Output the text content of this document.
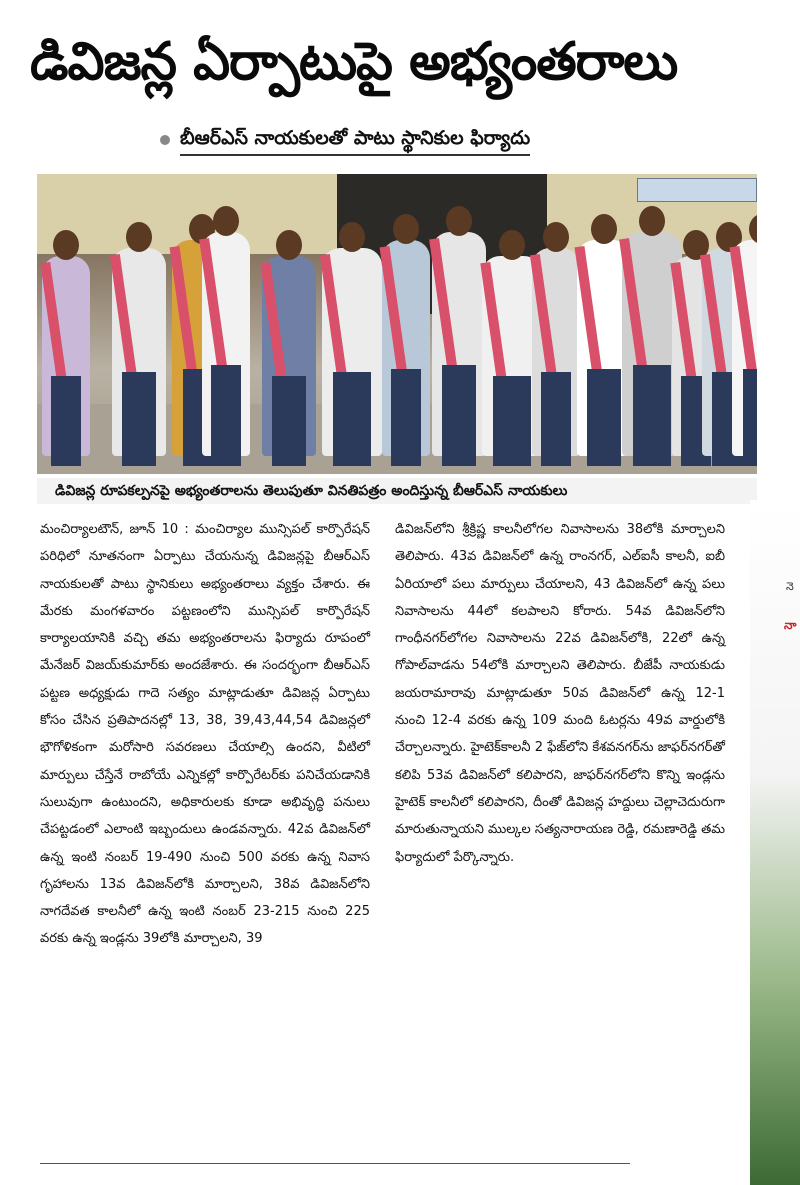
డివిజన్ల ఏర్పాటుపై అభ్యంతరాలు
బీఆర్ఎస్ నాయకులతో పాటు స్థానికుల ఫిర్యాదు
డివిజన్ల రూపకల్పనపై అభ్యంతరాలను తెలుపుతూ వినతిపత్రం అందిస్తున్న బీఆర్ఎస్ నాయకులు
మంచిర్యాలటౌన్‌, జూన్‌ 10 : మంచిర్యాల మున్సిపల్‌ కార్పొరేషన్‌ పరిధిలో నూతనంగా ఏర్పాటు చేయనున్న డివిజన్లపై బీఆర్‌ఎస్‌ నాయకులతో పాటు స్థానికులు అభ్యంతరాలు వ్యక్తం చేశారు. ఈ మేరకు మంగళవారం పట్టణంలోని మున్సిపల్‌ కార్పొరేషన్‌ కార్యాలయానికి వచ్చి తమ అభ్యంతరాలను ఫిర్యాదు రూపంలో మేనేజర్‌ విజయ్‌కుమార్‌కు అందజేశారు. ఈ సందర్భంగా బీఆర్‌ఎస్‌ పట్టణ అధ్యక్షుడు గాదె సత్యం మాట్లాడుతూ డివిజన్ల ఏర్పాటు కోసం చేసిన ప్రతిపాదనల్లో 13, 38, 39,43,44,54 డివిజన్లలో భౌగోళికంగా మరోసారి సవరణలు చేయాల్సి ఉందని, వీటిలో మార్పులు చేస్తేనే రాబోయే ఎన్నికల్లో కార్పొరేటర్‌కు పనిచేయడానికి సులువుగా ఉంటుందని, అధికారులకు కూడా అభివృద్ధి పనులు చేపట్టడంలో ఎలాంటి ఇబ్బందులు ఉండవన్నారు. 42వ డివిజన్‌లో ఉన్న ఇంటి నంబర్‌ 19-490 నుంచి 500 వరకు ఉన్న నివాస గృహాలను 13వ డివిజన్‌లోకి మార్చాలని, 38వ డివిజన్‌లోని నాగదేవత కాలనీలో ఉన్న ఇంటి నంబర్‌ 23-215 నుంచి 225 వరకు ఉన్న ఇండ్లను 39లోకి మార్చాలని, 39
డివిజన్‌లోని శ్రీక్రిష్ణ కాలనీలోగల నివాసాలను 38లోకి మార్చాలని తెలిపారు. 43వ డివిజన్‌లో ఉన్న రాంనగర్‌, ఎల్‌ఐసీ కాలనీ, ఐబీ ఏరియాలో పలు మార్పులు చేయాలని, 43 డివిజన్‌లో ఉన్న పలు నివాసాలను 44లో కలపాలని కోరారు. 54వ డివిజన్‌లోని గాంధీనగర్‌లోగల నివాసాలను 22వ డివిజన్‌లోకి, 22లో ఉన్న గోపాల్‌వాడను 54లోకి మార్చాలని తెలిపారు. బీజేపీ నాయకుడు జయరామారావు మాట్లాడుతూ 50వ డివిజన్‌లో ఉన్న 12-1 నుంచి 12-4 వరకు ఉన్న 109 మంది ఓటర్లను 49వ వార్డులోకి చేర్చాలన్నారు. హైటెక్‌కాలనీ 2 ఫేజ్‌లోని కేశవనగర్‌ను జాఫర్‌నగర్‌తో కలిపి 53వ డివిజన్‌లో కలిపారని, జాఫర్‌నగర్‌లోని కొన్ని ఇండ్లను హైటెక్‌ కాలనీలో కలిపారని, దీంతో డివిజన్ల హద్దులు చెల్లాచెదురుగా మారుతున్నాయని ముల్కల సత్యనారాయణ రెడ్డి, రమణారెడ్డి తమ ఫిర్యాదులో పేర్కొన్నారు.
నె
నా
